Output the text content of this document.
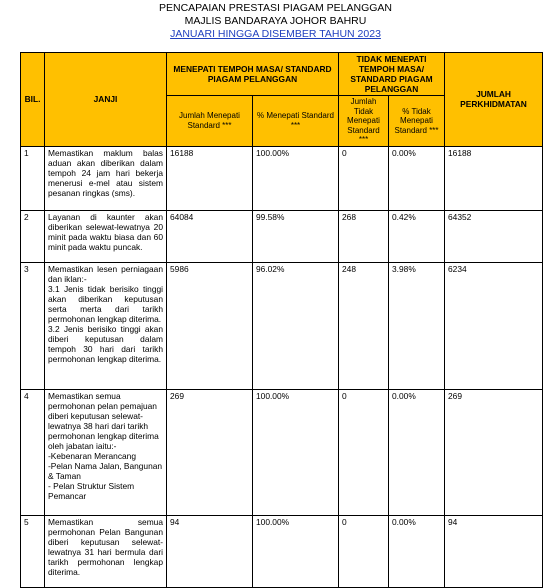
PENCAPAIAN PRESTASI PIAGAM PELANGGAN
MAJLIS BANDARAYA JOHOR BAHRU
JANUARI HINGGA DISEMBER TAHUN 2023
BIL.	JANJI	MENEPATI TEMPOH MASA/ STANDARD PIAGAM PELANGGAN		TIDAK MENEPATI TEMPOH MASA/ STANDARD PIAGAM PELANGGAN		JUMLAH PERKHIDMATAN
		Jumlah Menepati Standard ***	% Menepati Standard ***	Jumlah Tidak Menepati Standard ***	% Tidak Menepati Standard ***	
1	Memastikan maklum balas aduan akan diberikan dalam tempoh 24 jam hari bekerja menerusi e-mel atau sistem pesanan ringkas (sms).	16188	100.00%	0	0.00%	16188
2	Layanan di kaunter akan diberikan selewat-lewatnya 20 minit pada waktu biasa dan 60 minit pada waktu puncak.	64084	99.58%	268	0.42%	64352
3	Memastikan lesen perniagaan dan iklan:-
3.1 Jenis tidak berisiko tinggi akan diberikan keputusan serta merta dari tarikh permohonan lengkap diterima.
3.2 Jenis berisiko tinggi akan diberi keputusan dalam tempoh 30 hari dari tarikh permohonan lengkap diterima.	5986	96.02%	248	3.98%	6234
4	Memastikan semua permohonan pelan pemajuan diberi keputusan selewat-lewatnya 38 hari dari tarikh permohonan lengkap diterima oleh jabatan iaitu:-
-Kebenaran Merancang
-Pelan Nama Jalan, Bangunan & Taman
- Pelan Struktur Sistem Pemancar	269	100.00%	0	0.00%	269
5	Memastikan semua permohonan Pelan Bangunan diberi keputusan selewat-lewatnya 31 hari bermula dari tarikh permohonan lengkap diterima.	94	100.00%	0	0.00%	94
